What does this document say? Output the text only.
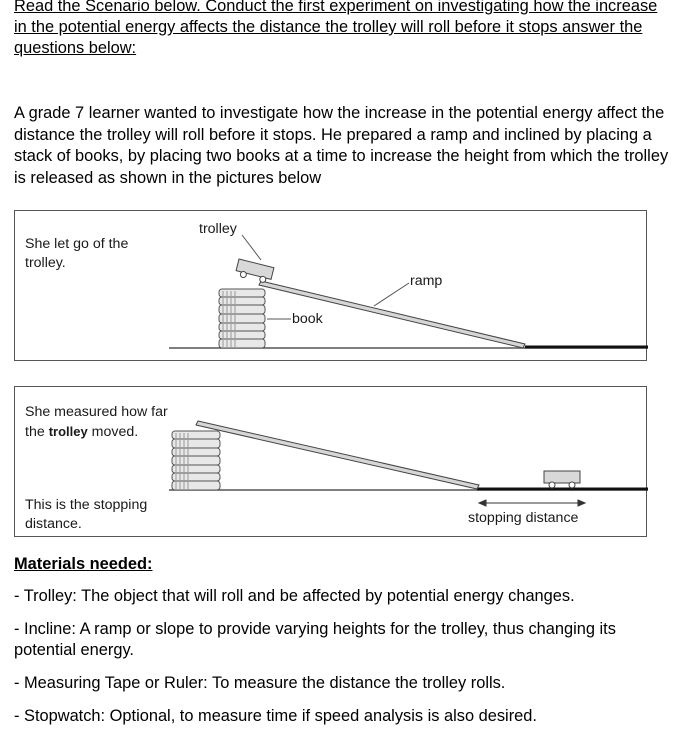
Read the Scenario below. Conduct the first experiment on investigating how the increase in the potential energy affects the distance the trolley will roll before it stops answer the questions below:
A grade 7 learner wanted to investigate how the increase in the potential energy affect the distance the trolley will roll before it stops. He prepared a ramp and inclined by placing a stack of books, by placing two books at a time to increase the height from which the trolley is released as shown in the pictures below
She let go of the trolley.
trolley
ramp
book
She measured how far the trolley moved.
This is the stopping distance.	stopping distance
Materials needed:
- Trolley: The object that will roll and be affected by potential energy changes.
- Incline: A ramp or slope to provide varying heights for the trolley, thus changing its potential energy.
- Measuring Tape or Ruler: To measure the distance the trolley rolls.
- Stopwatch: Optional, to measure time if speed analysis is also desired.
